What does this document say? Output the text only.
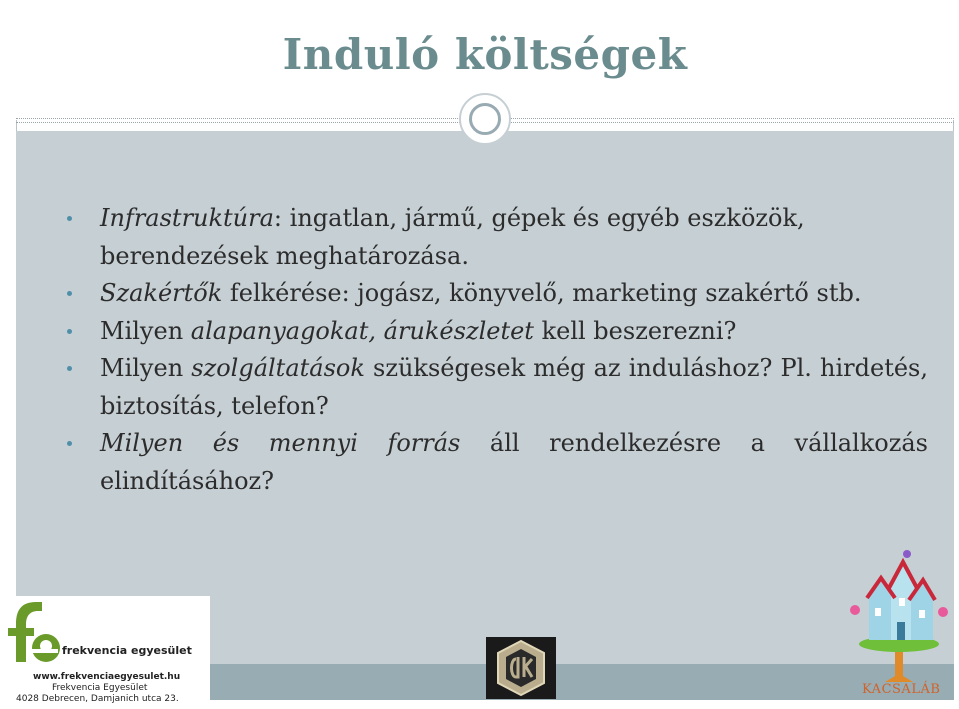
Induló költségek
Infrastruktúra: ingatlan, jármű, gépek és egyéb eszközök, berendezések meghatározása.
Szakértők felkérése: jogász, könyvelő, marketing szakértő stb.
Milyen alapanyagokat, árukészletet kell beszerezni?
Milyen szolgáltatások szükségesek még az induláshoz? Pl. hirdetés, biztosítás, telefon?
Milyen és mennyi forrás áll rendelkezésre a vállalkozás elindításához?
frekvencia egyesület
www.frekvenciaegyesulet.hu
Frekvencia Egyesület
4028 Debrecen, Damjanich utca 23.
KACSALÁB
